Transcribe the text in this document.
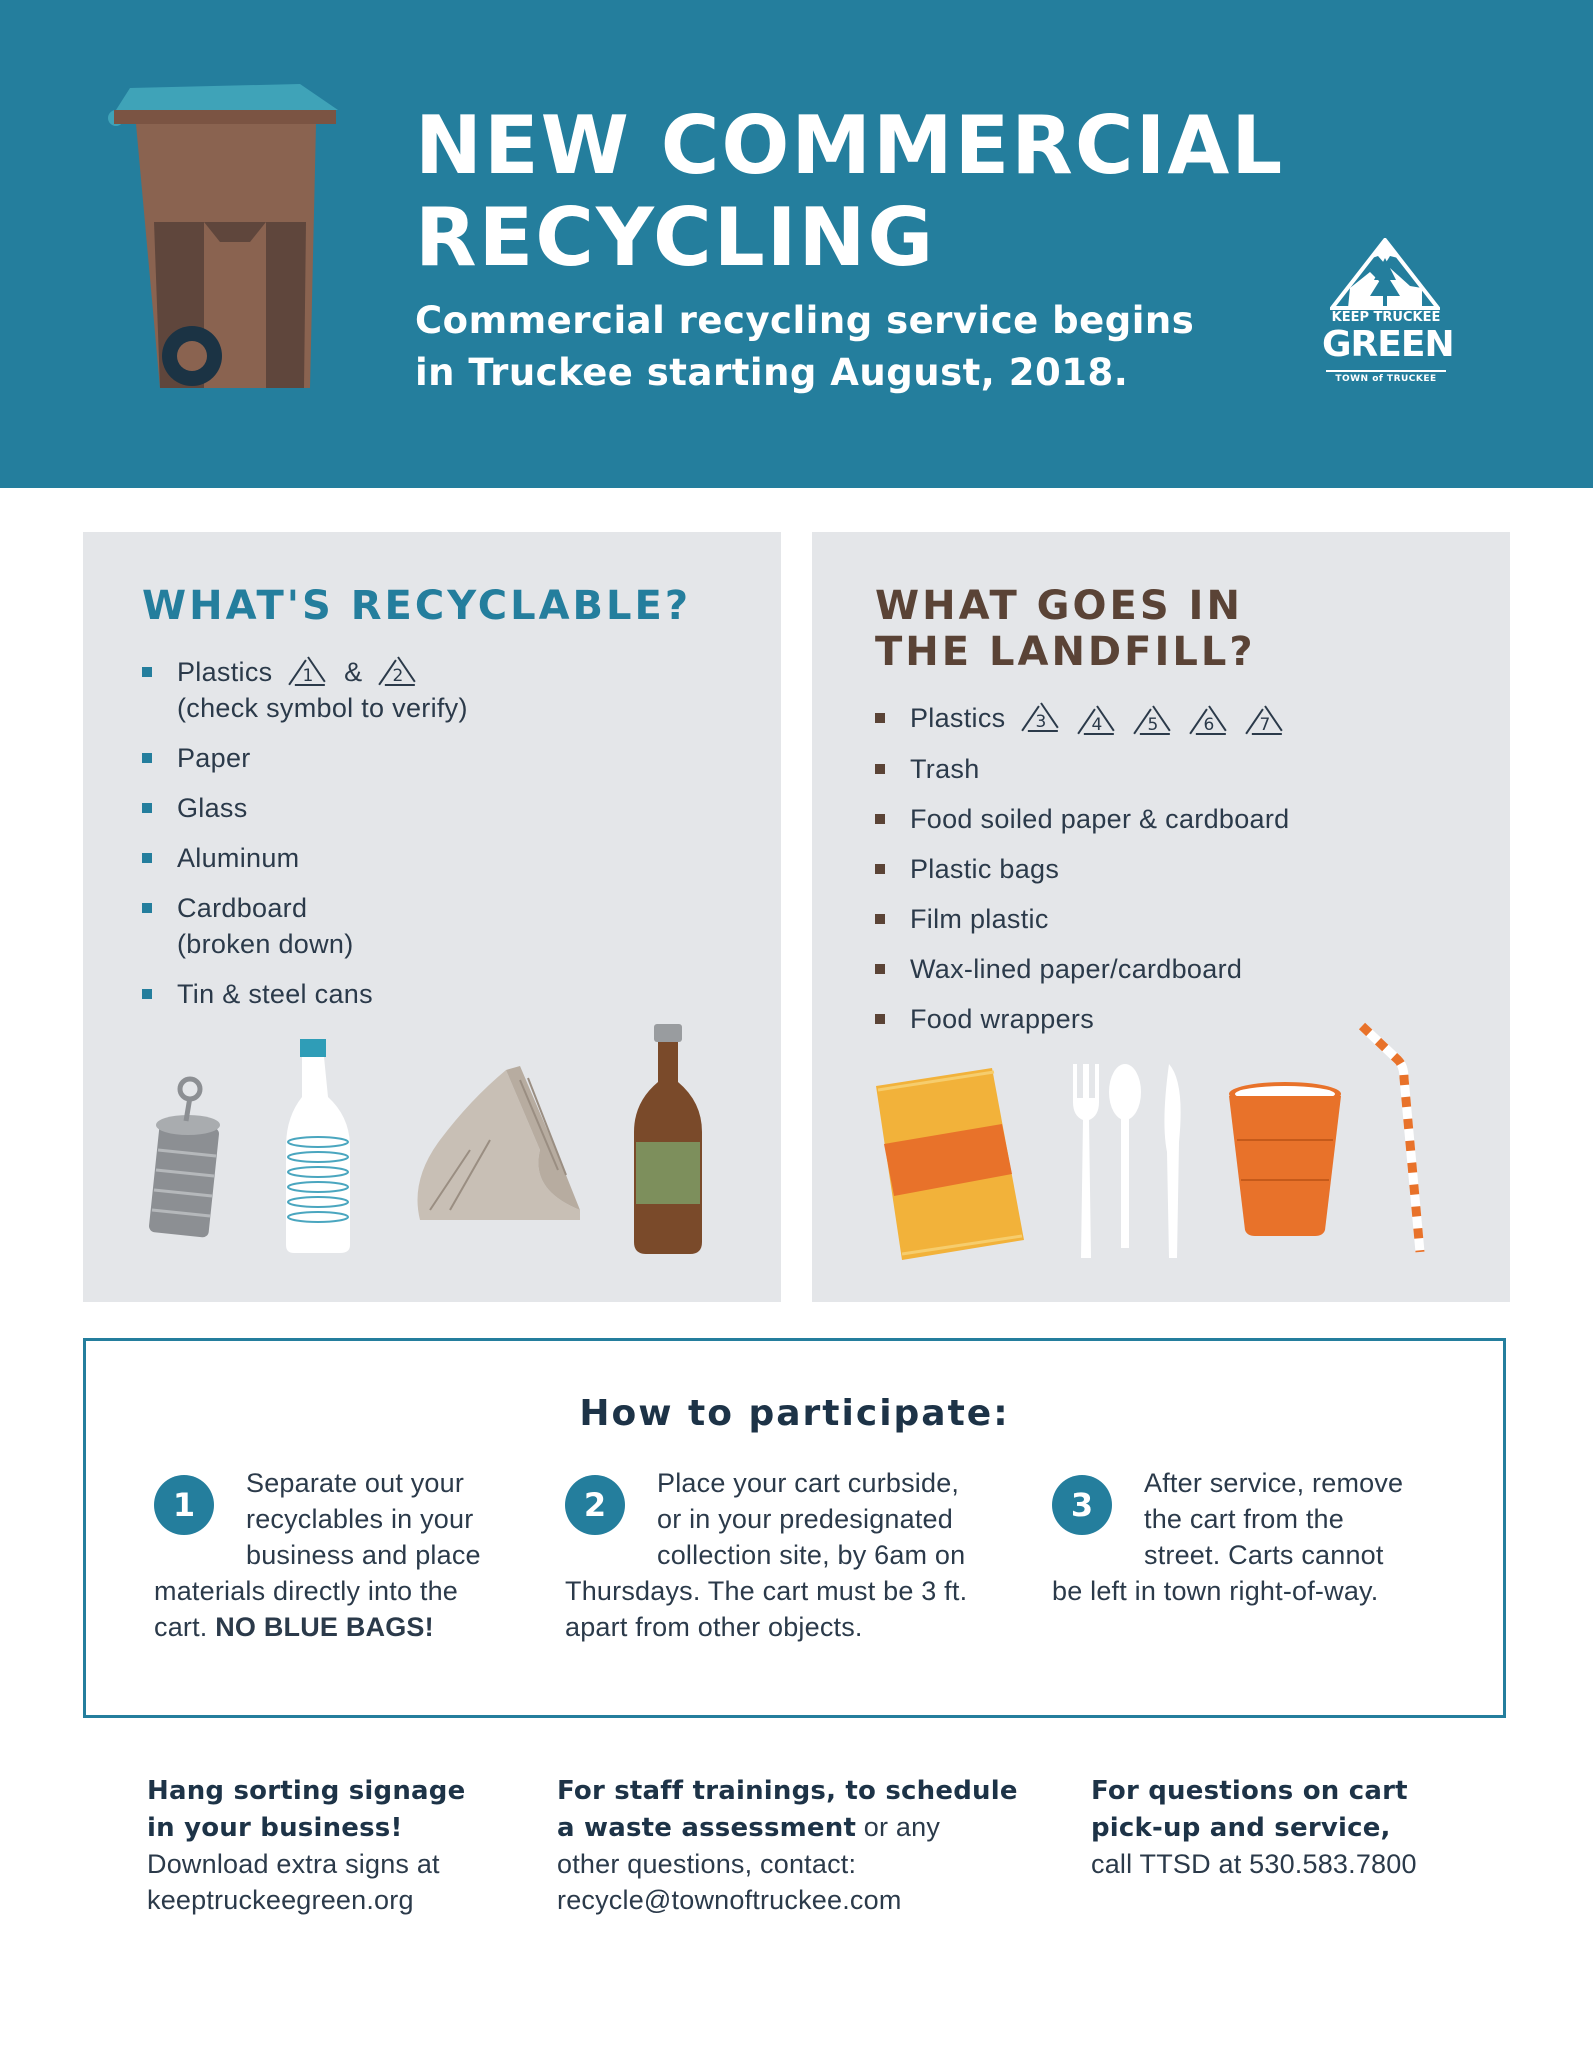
NEW COMMERCIAL
RECYCLING
Commercial recycling service begins
in Truckee starting August, 2018.
KEEP TRUCKEE
GREEN
TOWN of TRUCKEE
WHAT'S RECYCLABLE?
Plastics 1 & 2
(check symbol to verify)
Paper
Glass
Aluminum
Cardboard
(broken down)
Tin & steel cans
WHAT GOES IN
THE LANDFILL?
Plastics 3
	4
	5
	6
	7
Trash
Food soiled paper & cardboard
Plastic bags
Film plastic
Wax-lined paper/cardboard
Food wrappers
How to participate:
1
Separate out your
recyclables in your
business and place
materials directly into the
cart. NO BLUE BAGS!
2
Place your cart curbside,
or in your predesignated
collection site, by 6am on
Thursdays. The cart must be 3 ft.
apart from other objects.
3
After service, remove
the cart from the
street. Carts cannot
be left in town right-of-way.
Hang sorting signage
in your business!
Download extra signs at
keeptruckeegreen.org
For staff trainings, to schedule
a waste assessment or any
other questions, contact:
recycle@townoftruckee.com
For questions on cart
pick-up and service,
call TTSD at 530.583.7800
